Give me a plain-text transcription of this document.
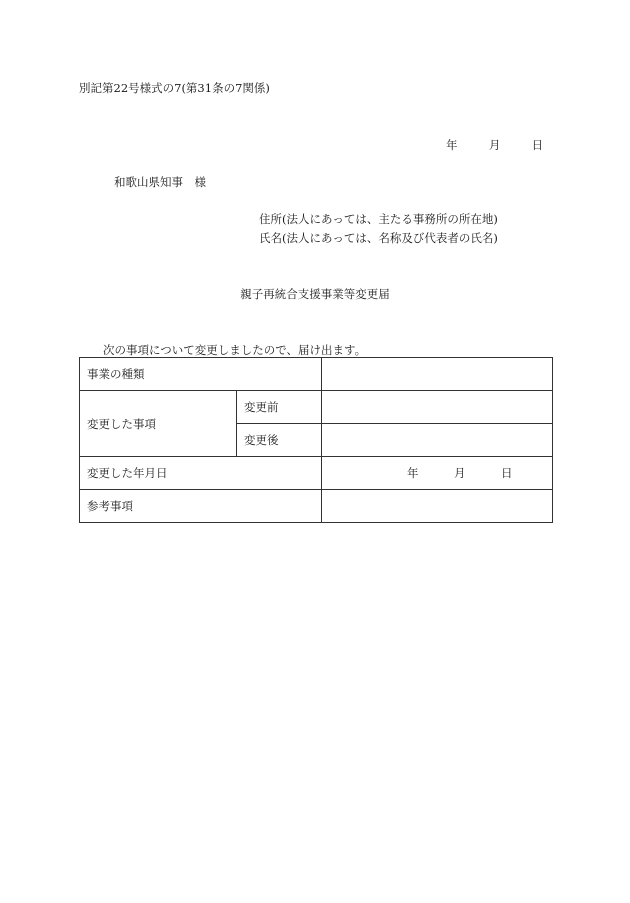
別記第22号様式の7(第31条の7関係)
年	月	日
和歌山県知事　様
住所(法人にあっては、主たる事務所の所在地)
氏名(法人にあっては、名称及び代表者の氏名)
親子再統合支援事業等変更届
次の事項について変更しましたので、届け出ます。
事業の種類		
変更した事項	変更前	
	変更後	
変更した年月日		年 月 日

参考事項		
